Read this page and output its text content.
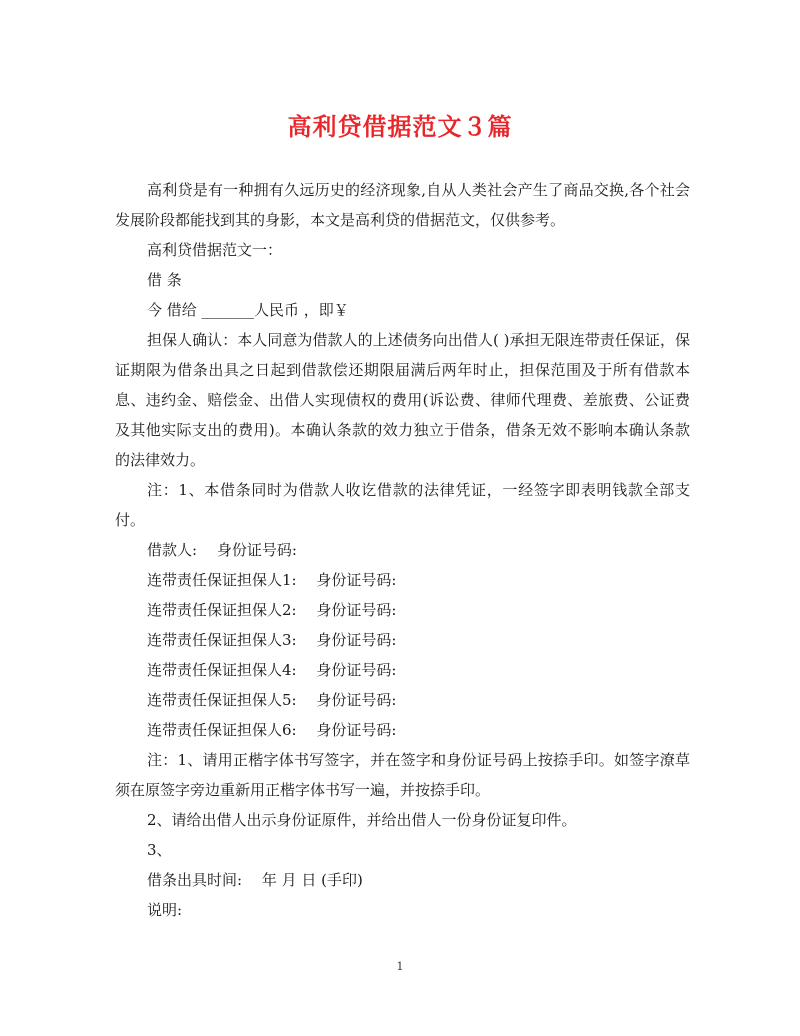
高利贷借据范文３篇

高利贷是有一种拥有久远历史的经济现象,自从人类社会产生了商品交换,各个社会发展阶段都能找到其的身影，本文是高利贷的借据范文，仅供参考。

高利贷借据范文一：

借 条

今 借给 _______人民币 ，即￥

担保人确认：本人同意为借款人的上述债务向出借人( )承担无限连带责任保证，保证期限为借条出具之日起到借款偿还期限届满后两年时止，担保范围及于所有借款本息、违约金、赔偿金、出借人实现债权的费用(诉讼费、律师代理费、差旅费、公证费及其他实际支出的费用)。本确认条款的效力独立于借条，借条无效不影响本确认条款的法律效力。

注：1、本借条同时为借款人收讫借款的法律凭证，一经签字即表明钱款全部支付。

借款人:　 身份证号码:

连带责任保证担保人1:　 身份证号码:

连带责任保证担保人2:　 身份证号码:

连带责任保证担保人3:　 身份证号码:

连带责任保证担保人4:　 身份证号码:

连带责任保证担保人5:　 身份证号码:

连带责任保证担保人6:　 身份证号码:

注：1、请用正楷字体书写签字，并在签字和身份证号码上按捺手印。如签字潦草须在原签字旁边重新用正楷字体书写一遍，并按捺手印。

2、请给出借人出示身份证原件，并给出借人一份身份证复印件。

3、

借条出具时间:　 年 月 日 (手印)

说明:

1
